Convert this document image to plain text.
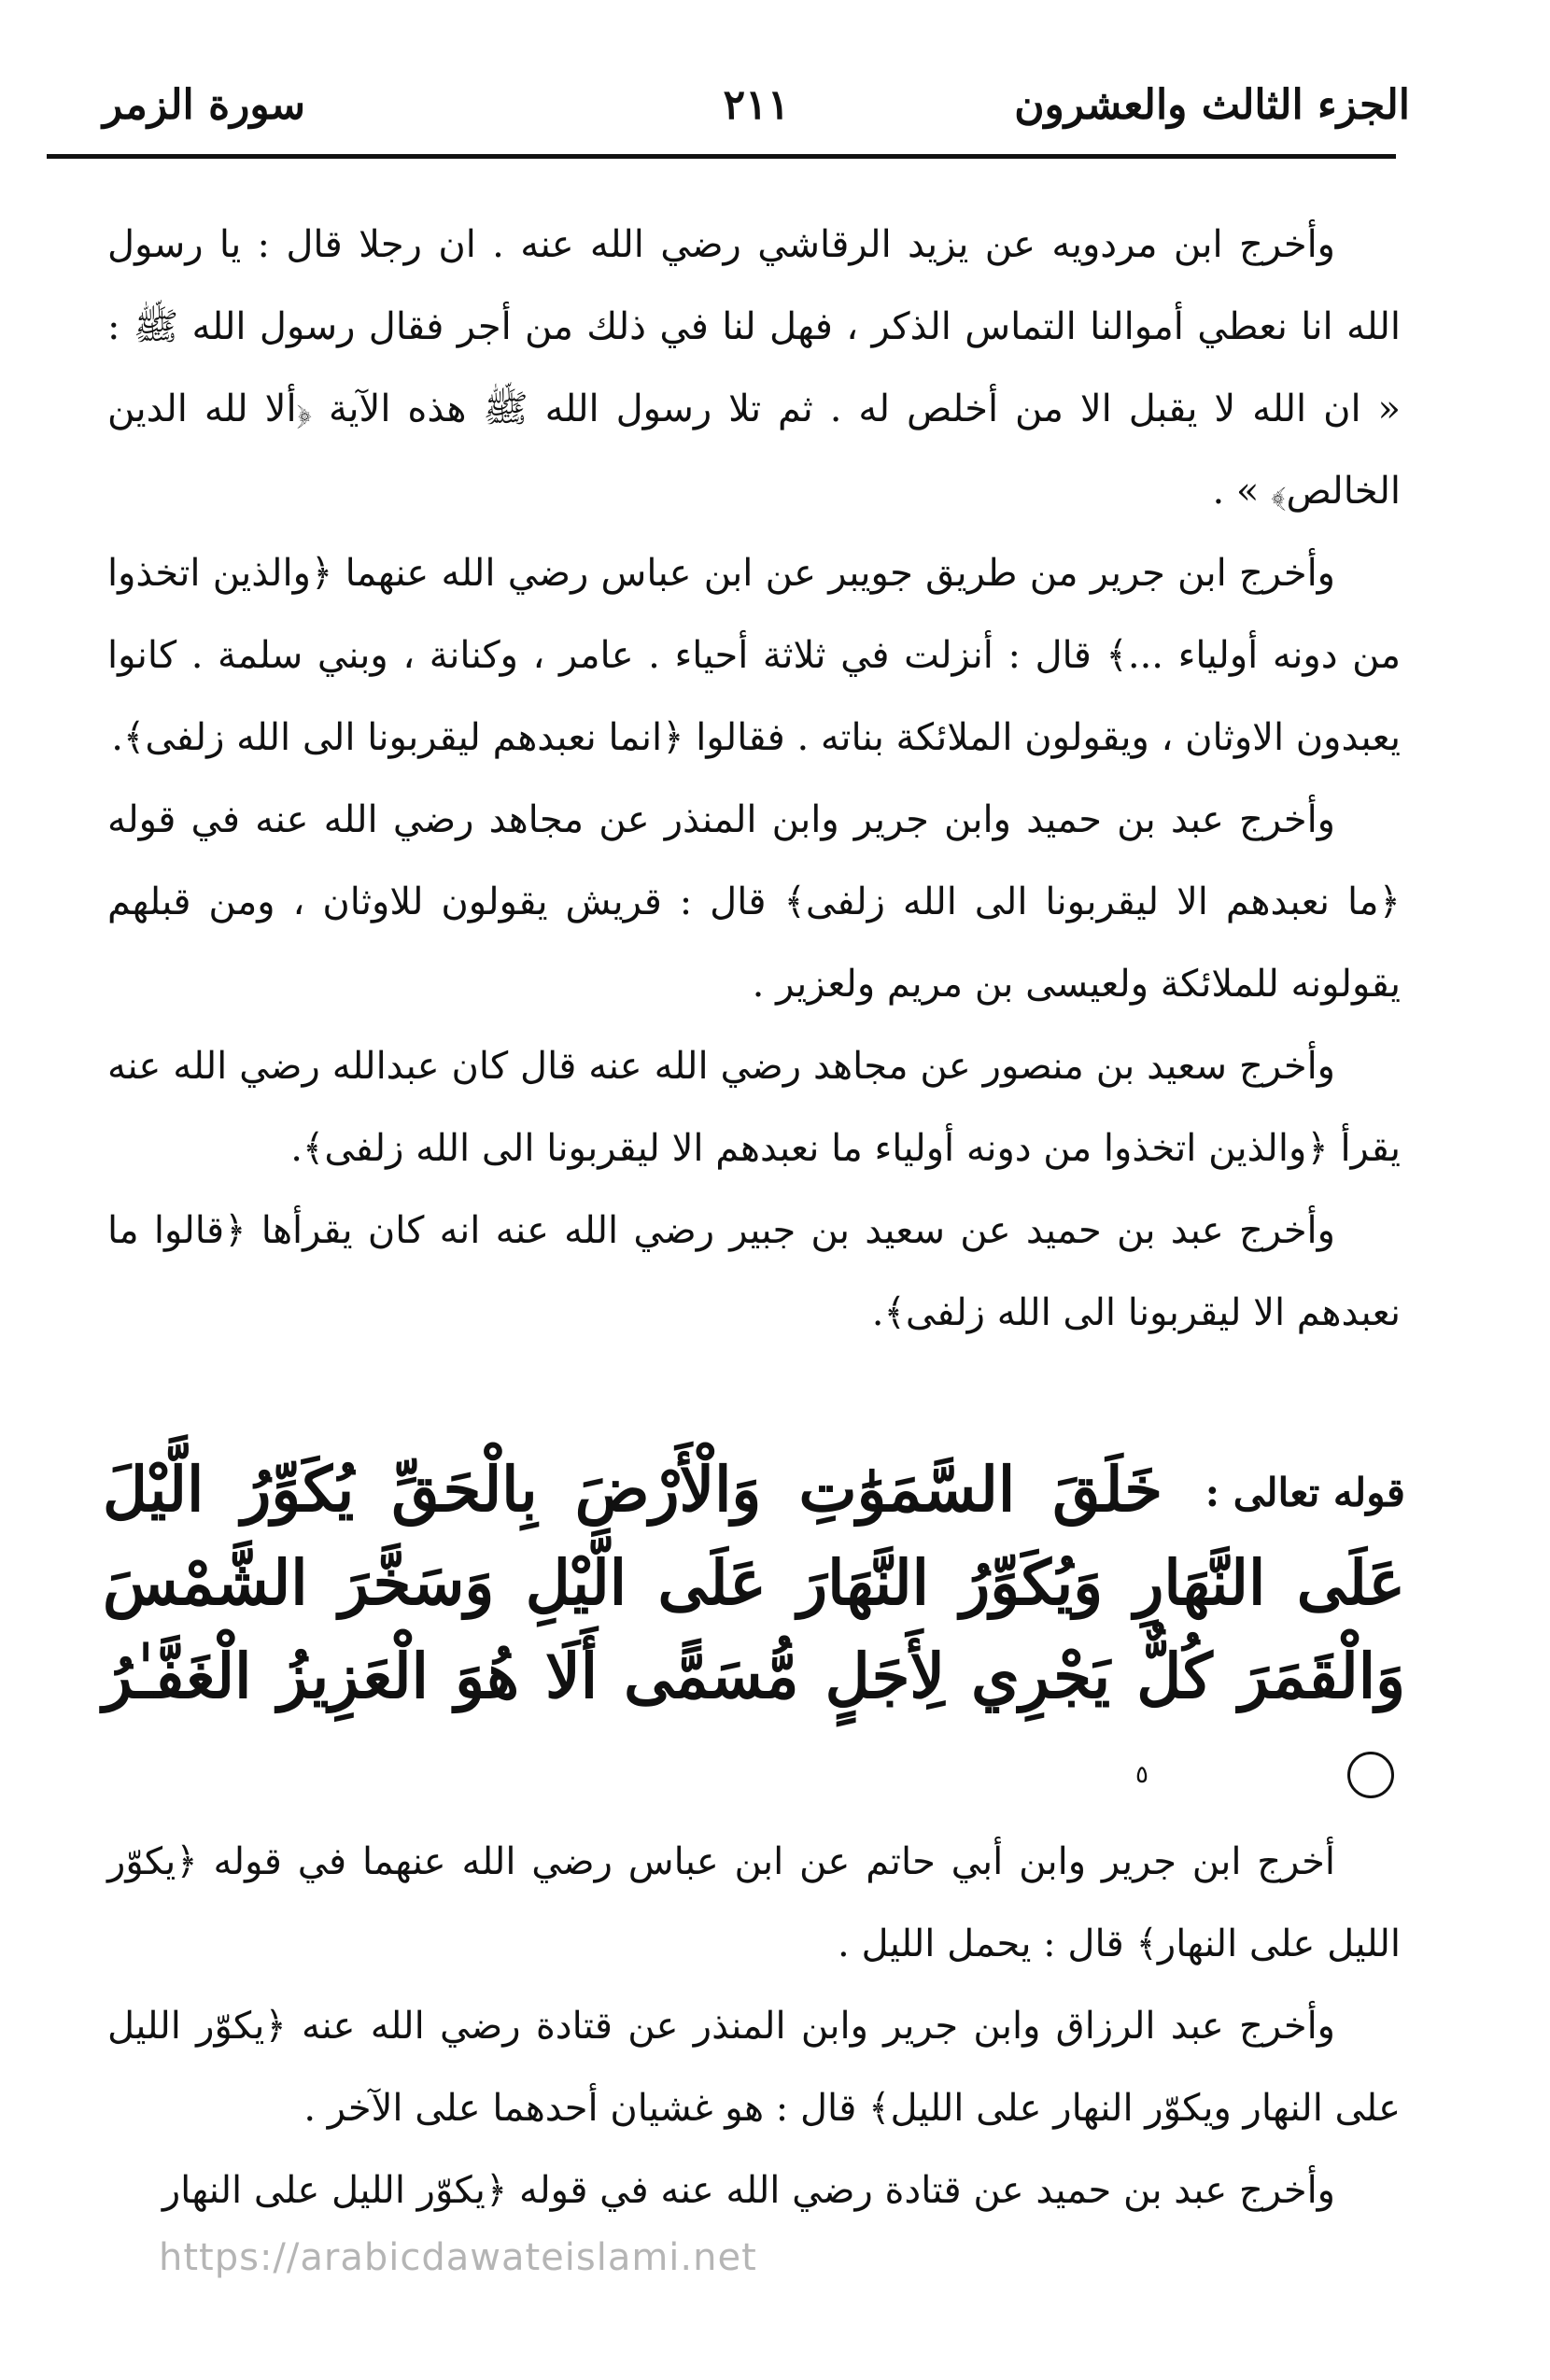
الجزء الثالث والعشرون
٢١١
سورة الزمر

وأخرج ابن مردويه عن يزيد الرقاشي رضي الله عنه . ان رجلا قال : يا رسول الله انا نعطي أموالنا التماس الذكر ، فهل لنا في ذلك من أجر فقال رسول الله ﷺ : « ان الله لا يقبل الا من أخلص له . ثم تلا رسول الله ﷺ هذه الآية ﴿ألا لله الدين الخالص﴾ » .

وأخرج ابن جرير من طريق جويبر عن ابن عباس رضي الله عنهما ﴿والذين اتخذوا من دونه أولياء ...﴾ قال : أنزلت في ثلاثة أحياء . عامر ، وكنانة ، وبني سلمة . كانوا يعبدون الاوثان ، ويقولون الملائكة بناته . فقالوا ﴿انما نعبدهم ليقربونا الى الله زلفى﴾.

وأخرج عبد بن حميد وابن جرير وابن المنذر عن مجاهد رضي الله عنه في قوله ﴿ما نعبدهم الا ليقربونا الى الله زلفى﴾ قال : قريش يقولون للاوثان ، ومن قبلهم يقولونه للملائكة ولعيسى بن مريم ولعزير .

وأخرج سعيد بن منصور عن مجاهد رضي الله عنه قال كان عبدالله رضي الله عنه يقرأ ﴿والذين اتخذوا من دونه أولياء ما نعبدهم الا ليقربونا الى الله زلفى﴾.

وأخرج عبد بن حميد عن سعيد بن جبير رضي الله عنه انه كان يقرأها ﴿قالوا ما نعبدهم الا ليقربونا الى الله زلفى﴾.

قوله تعالى :
خَلَقَ السَّمَوَٰتِ وَالْأَرْضَ بِالْحَقِّ يُكَوِّرُ الَّيْلَ عَلَى النَّهَارِ وَيُكَوِّرُ النَّهَارَ عَلَى الَّيْلِ وَسَخَّرَ الشَّمْسَ وَالْقَمَرَ كُلٌّ يَجْرِي لِأَجَلٍ مُّسَمًّى أَلَا هُوَ الْعَزِيزُ الْغَفَّـٰرُ ٥

أخرج ابن جرير وابن أبي حاتم عن ابن عباس رضي الله عنهما في قوله ﴿يكوّر الليل على النهار﴾ قال : يحمل الليل .

وأخرج عبد الرزاق وابن جرير وابن المنذر عن قتادة رضي الله عنه ﴿يكوّر الليل على النهار ويكوّر النهار على الليل﴾ قال : هو غشيان أحدهما على الآخر .

وأخرج عبد بن حميد عن قتادة رضي الله عنه في قوله ﴿يكوّر الليل على النهار

https://arabicdawateislami.net
